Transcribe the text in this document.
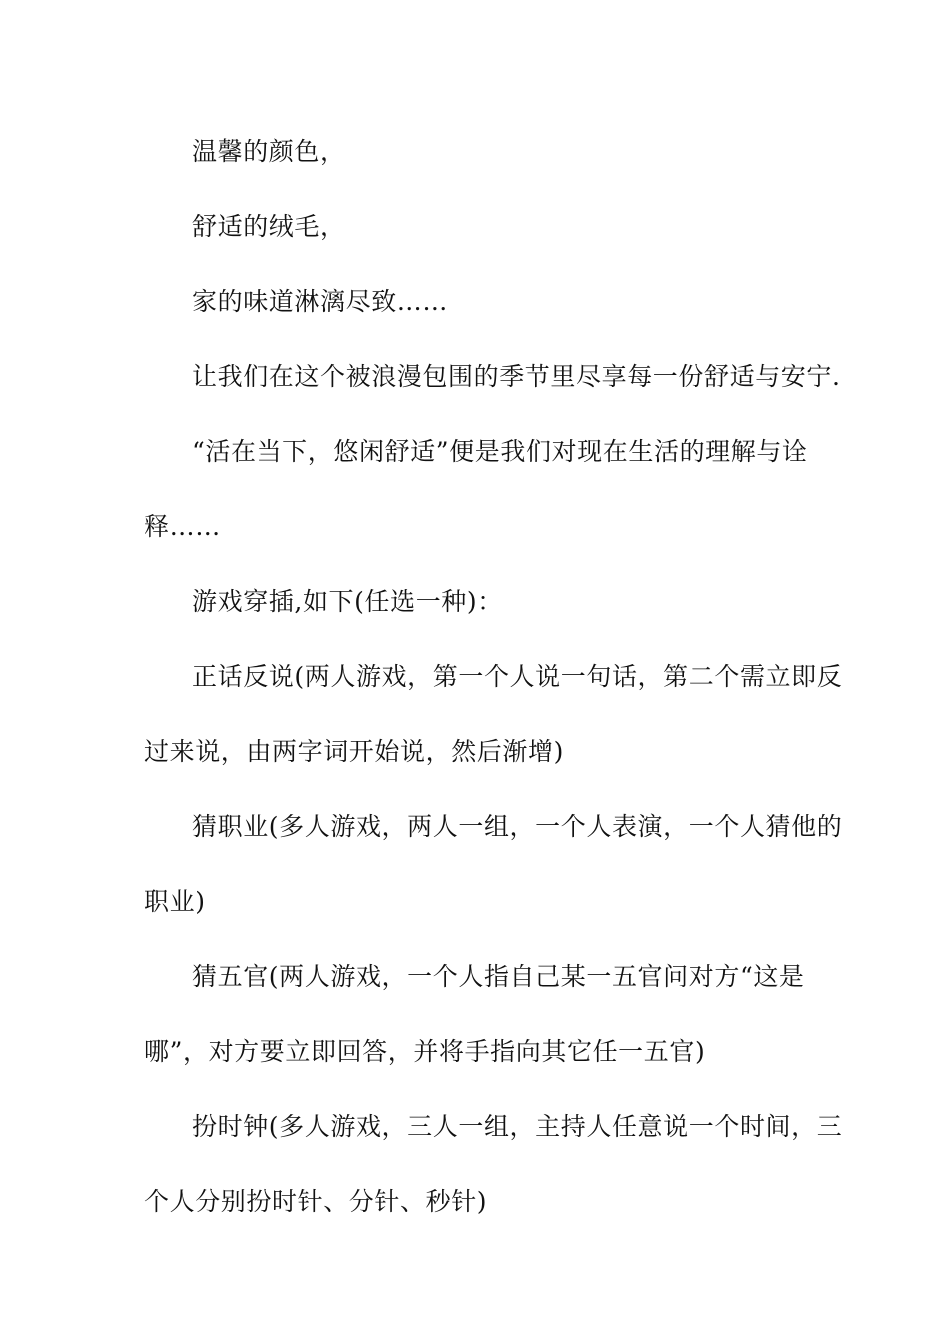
温馨的颜色，
舒适的绒毛，
家的味道淋漓尽致……
让我们在这个被浪漫包围的季节里尽享每一份舒适与安宁.
“活在当下，悠闲舒适”便是我们对现在生活的理解与诠
释……
游戏穿插,如下(任选一种)：
正话反说(两人游戏，第一个人说一句话，第二个需立即反
过来说，由两字词开始说，然后渐增)
猜职业(多人游戏，两人一组，一个人表演，一个人猜他的
职业)
猜五官(两人游戏，一个人指自己某一五官问对方“这是
哪”，对方要立即回答，并将手指向其它任一五官)
扮时钟(多人游戏，三人一组，主持人任意说一个时间，三
个人分别扮时针、分针、秒针)
